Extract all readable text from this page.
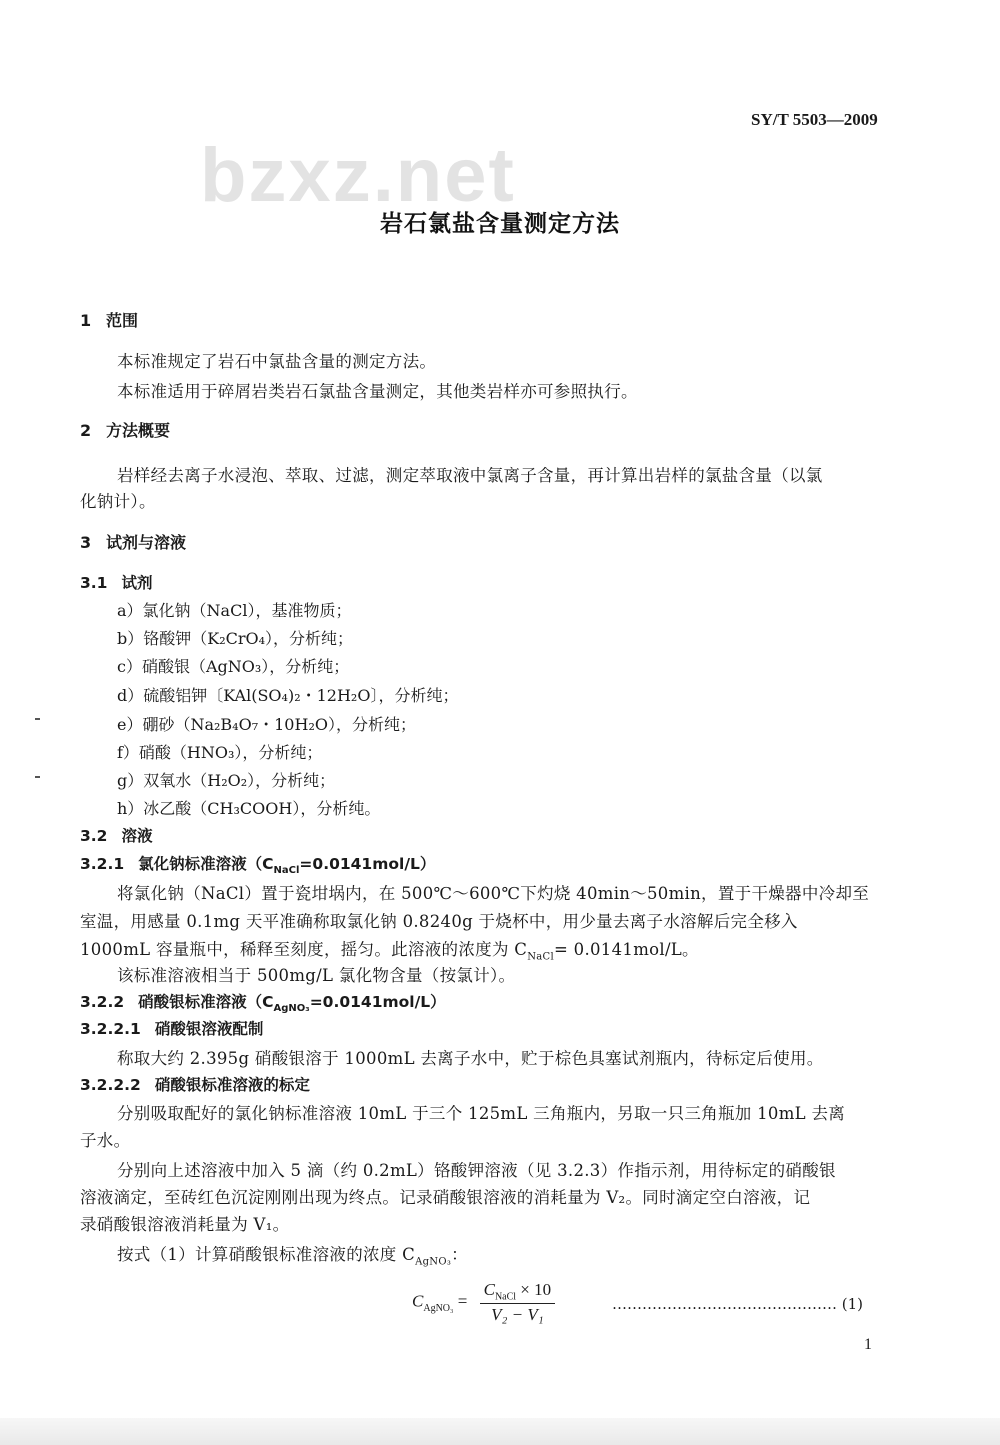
SY/T 5503—2009
bzxz.net
岩石氯盐含量测定方法
1 范围
本标准规定了岩石中氯盐含量的测定方法。
本标准适用于碎屑岩类岩石氯盐含量测定，其他类岩样亦可参照执行。
2 方法概要
岩样经去离子水浸泡、萃取、过滤，测定萃取液中氯离子含量，再计算出岩样的氯盐含量（以氯
化钠计）。
3 试剂与溶液
3.1 试剂
a）氯化钠（NaCl），基准物质；
b）铬酸钾（K₂CrO₄），分析纯；
c）硝酸银（AgNO₃），分析纯；
d）硫酸铝钾〔KAl(SO₄)₂・12H₂O〕，分析纯；
e）硼砂（Na₂B₄O₇・10H₂O），分析纯；
f）硝酸（HNO₃），分析纯；
g）双氧水（H₂O₂），分析纯；
h）冰乙酸（CH₃COOH），分析纯。
3.2 溶液
3.2.1 氯化钠标准溶液$(C_{NaCl}=0.0141mol/L)$
将氯化钠（NaCl）置于瓷坩埚内，在 500℃～600℃下灼烧 40min～50min，置于干燥器中冷却至
室温，用感量 0.1mg 天平准确称取氯化钠 0.8240g 于烧杯中，用少量去离子水溶解后完全移入
1000mL 容量瓶中，稀释至刻度，摇匀。此溶液的浓度为 $C_{NaCl}= 0.0141mol/L$。
该标准溶液相当于 500mg/L 氯化物含量（按氯计）。
3.2.2 硝酸银标准溶液$(C_{AgNO_3}=0.0141mol/L)$
3.2.2.1 硝酸银溶液配制
称取大约 2.395g 硝酸银溶于 1000mL 去离子水中，贮于棕色具塞试剂瓶内，待标定后使用。
3.2.2.2 硝酸银标准溶液的标定
分别吸取配好的氯化钠标准溶液 10mL 于三个 125mL 三角瓶内，另取一只三角瓶加 10mL 去离
子水。
分别向上述溶液中加入 5 滴（约 0.2mL）铬酸钾溶液（见 3.2.3）作指示剂，用待标定的硝酸银
溶液滴定，至砖红色沉淀刚刚出现为终点。记录硝酸银溶液的消耗量为 V₂。同时滴定空白溶液，记
录硝酸银溶液消耗量为 V₁。
按式（1）计算硝酸银标准溶液的浓度 $C_{AgNO_3}$：
$C_{AgNO_3} = \frac{C_{NaCl} \times 10}{\text{V₂ − V₁}}$	……………………………………… (1)
1
